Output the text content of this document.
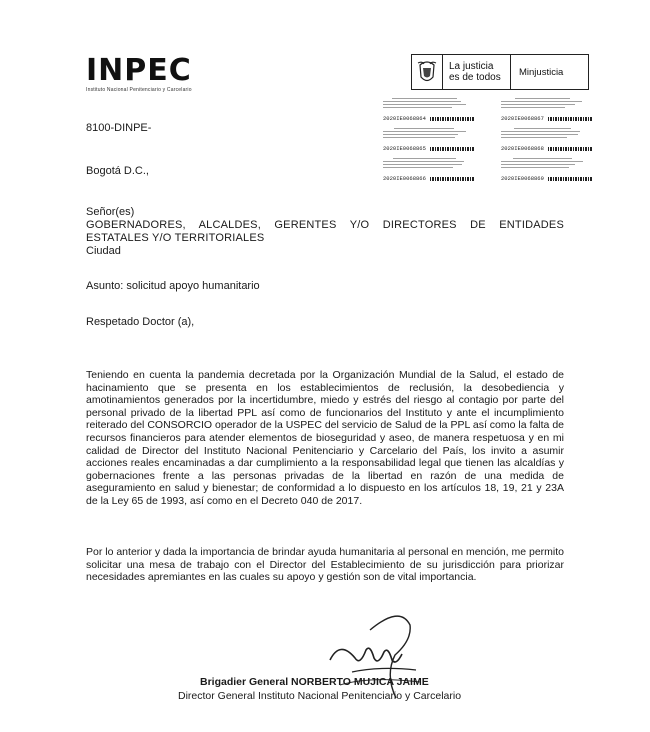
INPEC
Instituto Nacional Penitenciario y Carcelario
La justicia
es de todos	Minjusticia
2020IE0068864	2020IE0068867
2020IE0068865	2020IE0068868
2020IE0068866	2020IE0068869
8100-DINPE-
Bogotá D.C.,
Señor(es)
GOBERNADORES, ALCALDES, GERENTES Y/O DIRECTORES DE ENTIDADES
ESTATALES Y/O TERRITORIALES
Ciudad
Asunto: solicitud apoyo humanitario
Respetado Doctor (a),
Teniendo en cuenta la pandemia decretada por la Organización Mundial de la Salud, el estado de hacinamiento que se presenta en los establecimientos de reclusión, la desobediencia y amotinamientos generados por la incertidumbre, miedo y estrés del riesgo al contagio por parte del personal privado de la libertad PPL así como de funcionarios del Instituto y ante el incumplimiento reiterado del CONSORCIO operador de la USPEC del servicio de Salud de la PPL así como la falta de recursos financieros para atender elementos de bioseguridad y aseo, de manera respetuosa y en mi calidad de Director del Instituto Nacional Penitenciario y Carcelario del País, los invito a asumir acciones reales encaminadas a dar cumplimiento a la responsabilidad legal que tienen las alcaldías y gobernaciones frente a las personas privadas de la libertad en razón de una medida de aseguramiento en salud y bienestar; de conformidad a lo dispuesto en los artículos 18, 19, 21 y 23A de la Ley 65 de 1993, así como en el Decreto 040 de 2017.
Por lo anterior y dada la importancia de brindar ayuda humanitaria al personal en mención, me permito solicitar una mesa de trabajo con el Director del Establecimiento de su jurisdicción para priorizar necesidades apremiantes en las cuales su apoyo y gestión son de vital importancia.
Brigadier General NORBERTO MUJICA JAIME
Director General Instituto Nacional Penitenciario y Carcelario
